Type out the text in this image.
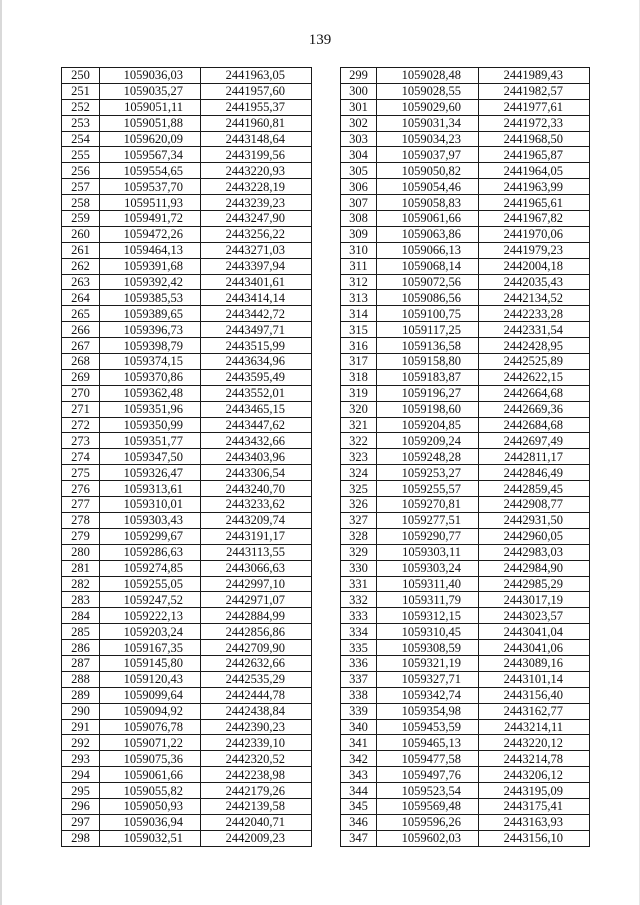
139
250	1059036,03	2441963,05
251	1059035,27	2441957,60
252	1059051,11	2441955,37
253	1059051,88	2441960,81
254	1059620,09	2443148,64
255	1059567,34	2443199,56
256	1059554,65	2443220,93
257	1059537,70	2443228,19
258	1059511,93	2443239,23
259	1059491,72	2443247,90
260	1059472,26	2443256,22
261	1059464,13	2443271,03
262	1059391,68	2443397,94
263	1059392,42	2443401,61
264	1059385,53	2443414,14
265	1059389,65	2443442,72
266	1059396,73	2443497,71
267	1059398,79	2443515,99
268	1059374,15	2443634,96
269	1059370,86	2443595,49
270	1059362,48	2443552,01
271	1059351,96	2443465,15
272	1059350,99	2443447,62
273	1059351,77	2443432,66
274	1059347,50	2443403,96
275	1059326,47	2443306,54
276	1059313,61	2443240,70
277	1059310,01	2443233,62
278	1059303,43	2443209,74
279	1059299,67	2443191,17
280	1059286,63	2443113,55
281	1059274,85	2443066,63
282	1059255,05	2442997,10
283	1059247,52	2442971,07
284	1059222,13	2442884,99
285	1059203,24	2442856,86
286	1059167,35	2442709,90
287	1059145,80	2442632,66
288	1059120,43	2442535,29
289	1059099,64	2442444,78
290	1059094,92	2442438,84
291	1059076,78	2442390,23
292	1059071,22	2442339,10
293	1059075,36	2442320,52
294	1059061,66	2442238,98
295	1059055,82	2442179,26
296	1059050,93	2442139,58
297	1059036,94	2442040,71
298	1059032,51	2442009,23
299	1059028,48	2441989,43
300	1059028,55	2441982,57
301	1059029,60	2441977,61
302	1059031,34	2441972,33
303	1059034,23	2441968,50
304	1059037,97	2441965,87
305	1059050,82	2441964,05
306	1059054,46	2441963,99
307	1059058,83	2441965,61
308	1059061,66	2441967,82
309	1059063,86	2441970,06
310	1059066,13	2441979,23
311	1059068,14	2442004,18
312	1059072,56	2442035,43
313	1059086,56	2442134,52
314	1059100,75	2442233,28
315	1059117,25	2442331,54
316	1059136,58	2442428,95
317	1059158,80	2442525,89
318	1059183,87	2442622,15
319	1059196,27	2442664,68
320	1059198,60	2442669,36
321	1059204,85	2442684,68
322	1059209,24	2442697,49
323	1059248,28	2442811,17
324	1059253,27	2442846,49
325	1059255,57	2442859,45
326	1059270,81	2442908,77
327	1059277,51	2442931,50
328	1059290,77	2442960,05
329	1059303,11	2442983,03
330	1059303,24	2442984,90
331	1059311,40	2442985,29
332	1059311,79	2443017,19
333	1059312,15	2443023,57
334	1059310,45	2443041,04
335	1059308,59	2443041,06
336	1059321,19	2443089,16
337	1059327,71	2443101,14
338	1059342,74	2443156,40
339	1059354,98	2443162,77
340	1059453,59	2443214,11
341	1059465,13	2443220,12
342	1059477,58	2443214,78
343	1059497,76	2443206,12
344	1059523,54	2443195,09
345	1059569,48	2443175,41
346	1059596,26	2443163,93
347	1059602,03	2443156,10
